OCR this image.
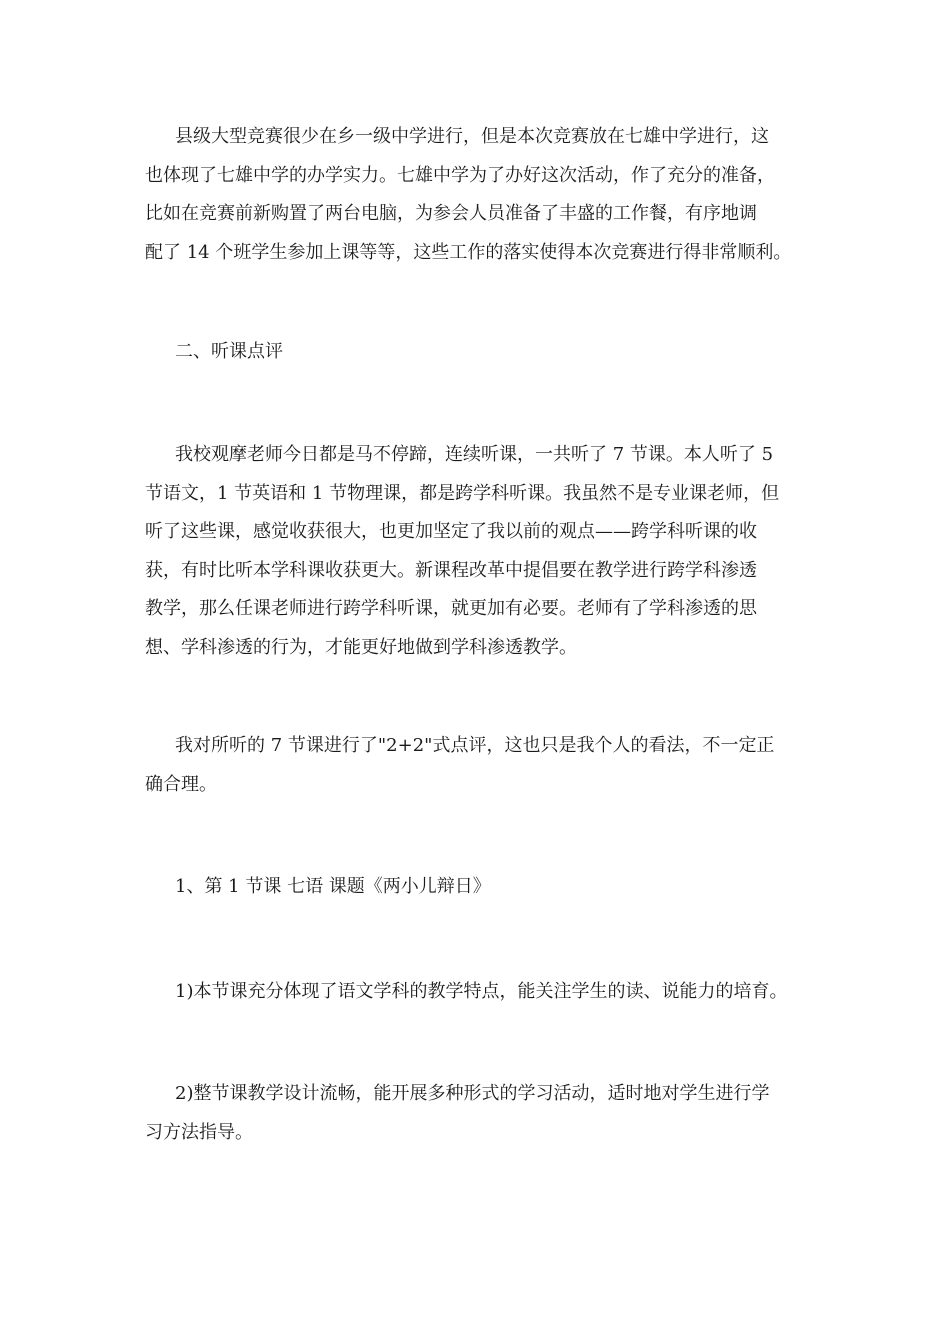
县级大型竞赛很少在乡一级中学进行，但是本次竞赛放在七雄中学进行，这
也体现了七雄中学的办学实力。七雄中学为了办好这次活动，作了充分的准备，
比如在竞赛前新购置了两台电脑，为参会人员准备了丰盛的工作餐，有序地调
配了 14 个班学生参加上课等等，这些工作的落实使得本次竞赛进行得非常顺利。

二、听课点评

我校观摩老师今日都是马不停蹄，连续听课，一共听了 7 节课。本人听了 5
节语文，1 节英语和 1 节物理课，都是跨学科听课。我虽然不是专业课老师，但
听了这些课，感觉收获很大，也更加坚定了我以前的观点——跨学科听课的收
获，有时比听本学科课收获更大。新课程改革中提倡要在教学进行跨学科渗透
教学，那么任课老师进行跨学科听课，就更加有必要。老师有了学科渗透的思
想、学科渗透的行为，才能更好地做到学科渗透教学。

我对所听的 7 节课进行了"2+2"式点评，这也只是我个人的看法，不一定正
确合理。

1、第 1 节课 七语 课题《两小儿辩日》

1)本节课充分体现了语文学科的教学特点，能关注学生的读、说能力的培育。

2)整节课教学设计流畅，能开展多种形式的学习活动，适时地对学生进行学
习方法指导。
